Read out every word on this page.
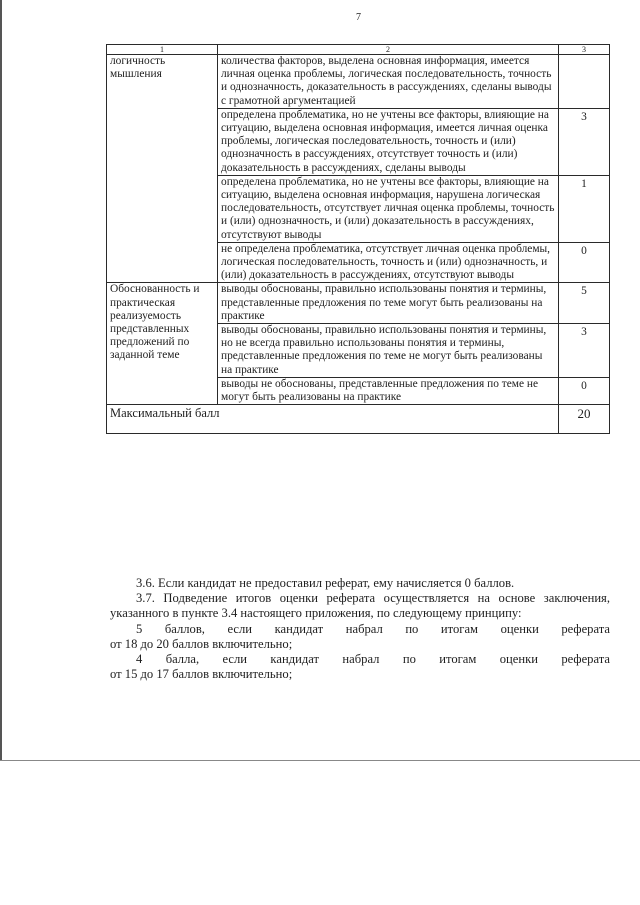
7
1	2	3
логичность мышления	количества факторов, выделена основная информация, имеется личная оценка проблемы, логическая последовательность, точность и однозначность, доказательность в рассуждениях, сделаны выводы с грамотной аргументацией	
	определена проблематика, но не учтены все факторы, влияющие на ситуацию, выделена основная информация, имеется личная оценка проблемы, логическая последовательность, точность и (или) однозначность в рассуждениях, отсутствует точность и (или) доказательность в рассуждениях, сделаны выводы	3
	определена проблематика, но не учтены все факторы, влияющие на ситуацию, выделена основная информация, нарушена логическая последовательность, отсутствует личная оценка проблемы, точность и (или) однозначность, и (или) доказательность в рассуждениях, отсутствуют выводы	1
	не определена проблематика, отсутствует личная оценка проблемы, логическая последовательность, точность и (или) однозначность, и (или) доказательность в рассуждениях, отсутствуют выводы	0
Обоснованность и практическая реализуемость представленных предложений по заданной теме	выводы обоснованы, правильно использованы понятия и термины, представленные предложения по теме могут быть реализованы на практике	5
	выводы обоснованы, правильно использованы понятия и термины, но не всегда правильно использованы понятия и термины, представленные предложения по теме не могут быть реализованы на практике	3
	выводы не обоснованы, представленные предложения по теме не могут быть реализованы на практике	0
Максимальный балл		20

3.6. Если кандидат не предоставил реферат, ему начисляется 0 баллов.

3.7. Подведение итогов оценки реферата осуществляется на основе заключения, указанного в пункте 3.4 настоящего приложения, по следующему принципу:

5 баллов, если кандидат набрал по итогам оценки реферата

от 18 до 20 баллов включительно;

4 балла, если кандидат набрал по итогам оценки реферата

от 15 до 17 баллов включительно;
